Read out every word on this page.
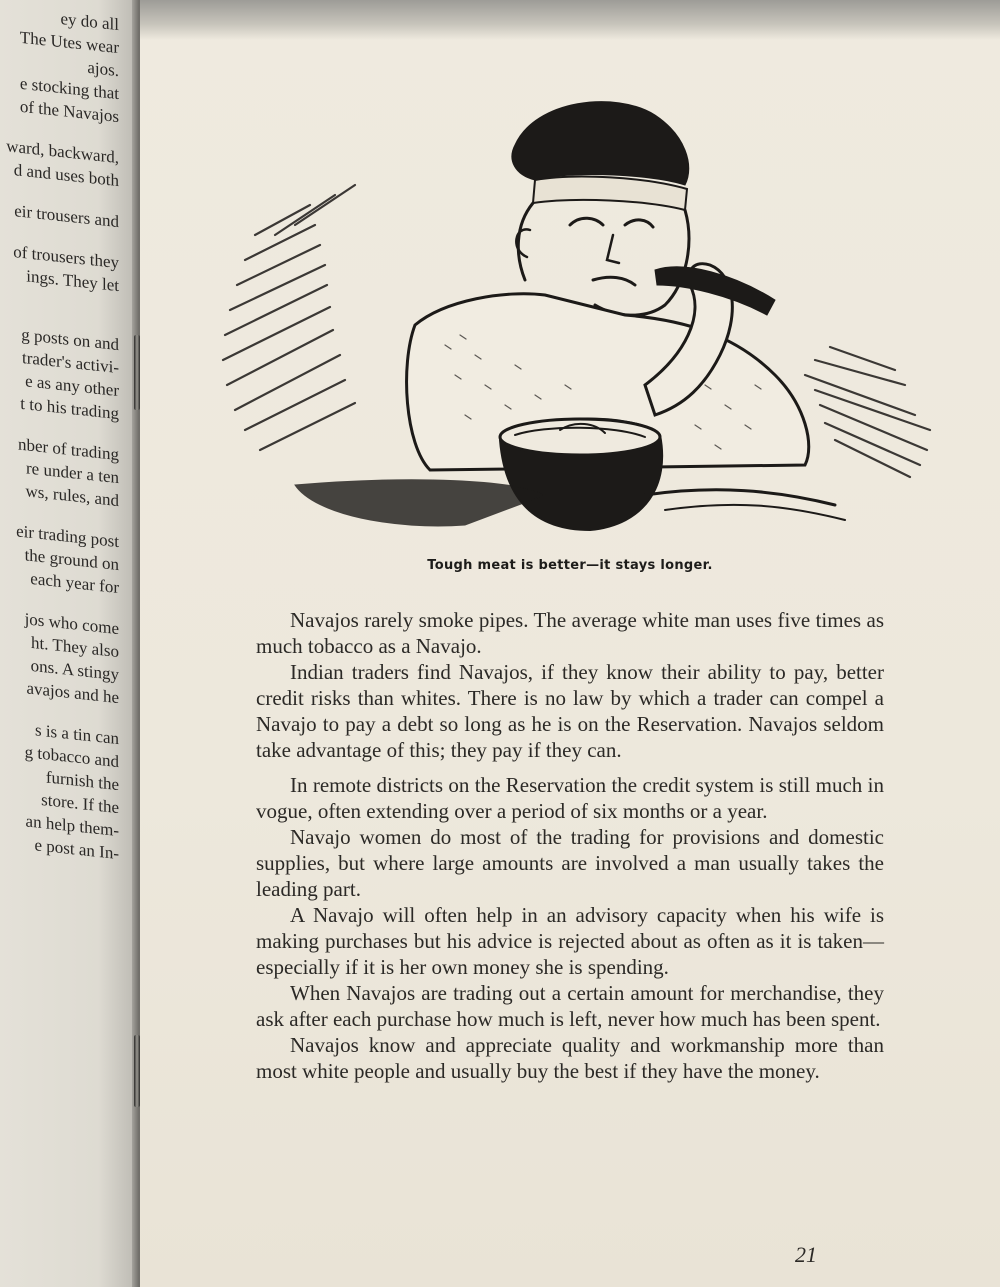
ey do all
The Utes wear
ajos.
e stocking that
of the Navajos
ward, backward,
d and uses both
eir trousers and
of trousers they
ings. They let
g posts on and
trader's activi-
e as any other
t to his trading
nber of trading
re under a ten
ws, rules, and
eir trading post
the ground on
each year for
jos who come
ht. They also
ons. A stingy
avajos and he
s is a tin can
g tobacco and
furnish the
store. If the
an help them-
e post an In-
Tough meat is better—it stays longer.

Navajos rarely smoke pipes. The average white man uses five times as much tobacco as a Navajo.

Indian traders find Navajos, if they know their ability to pay, better credit risks than whites. There is no law by which a trader can compel a Navajo to pay a debt so long as he is on the Reservation. Navajos seldom take advantage of this; they pay if they can.

In remote districts on the Reservation the credit system is still much in vogue, often extending over a period of six months or a year.

Navajo women do most of the trading for provisions and domestic supplies, but where large amounts are involved a man usually takes the leading part.

A Navajo will often help in an advisory capacity when his wife is making purchases but his advice is rejected about as often as it is taken—especially if it is her own money she is spending.

When Navajos are trading out a certain amount for merchandise, they ask after each purchase how much is left, never how much has been spent.

Navajos know and appreciate quality and workmanship more than most white people and usually buy the best if they have the money.

21
